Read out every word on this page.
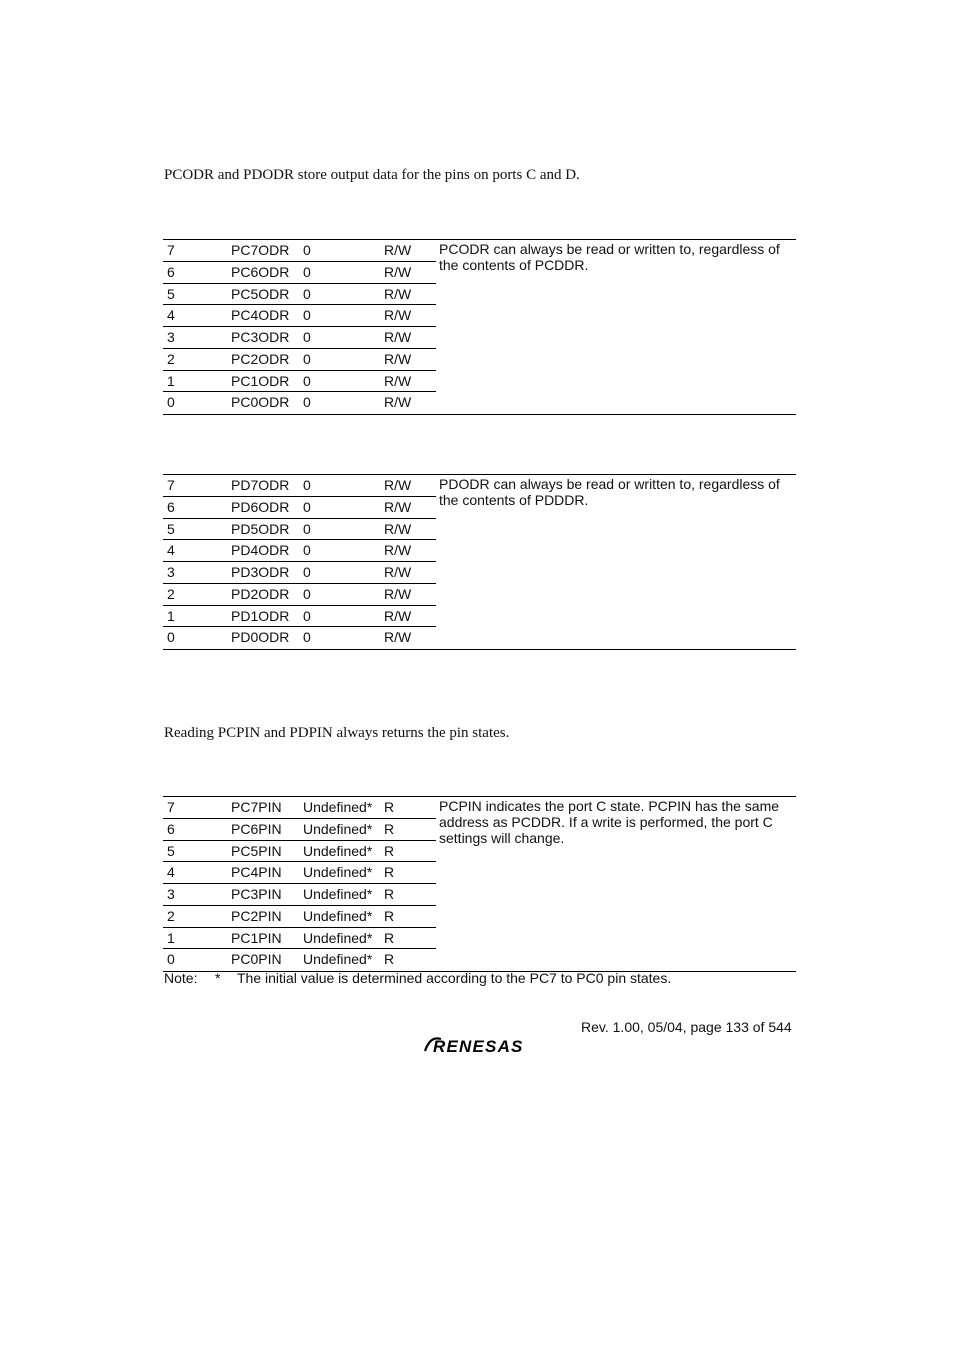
PCODR and PDODR store output data for the pins on ports C and D.
PCODR can always be read or written to, regardless of the contents of PCDDR.
7	PC7ODR 0	R/W
6	PC6ODR 0	R/W
5	PC5ODR 0	R/W
4	PC4ODR 0	R/W
3	PC3ODR 0	R/W
2	PC2ODR 0	R/W
1	PC1ODR 0	R/W
0	PC0ODR 0	R/W
PDODR can always be read or written to, regardless of the contents of PDDDR.
7	PD7ODR 0	R/W
6	PD6ODR 0	R/W
5	PD5ODR 0	R/W
4	PD4ODR 0	R/W
3	PD3ODR 0	R/W
2	PD2ODR 0	R/W
1	PD1ODR 0	R/W
0	PD0ODR 0	R/W
Reading PCPIN and PDPIN always returns the pin states.
PCPIN indicates the port C state. PCPIN has the same address as PCDDR. If a write is performed, the port C settings will change.
7	PC7PIN Undefined* R
6	PC6PIN Undefined* R
5	PC5PIN Undefined* R
4	PC4PIN Undefined* R
3	PC3PIN Undefined* R
2	PC2PIN Undefined* R
1	PC1PIN Undefined* R
0	PC0PIN Undefined* R
Note: * The initial value is determined according to the PC7 to PC0 pin states.
Rev. 1.00, 05/04, page 133 of 544
RENESAS
